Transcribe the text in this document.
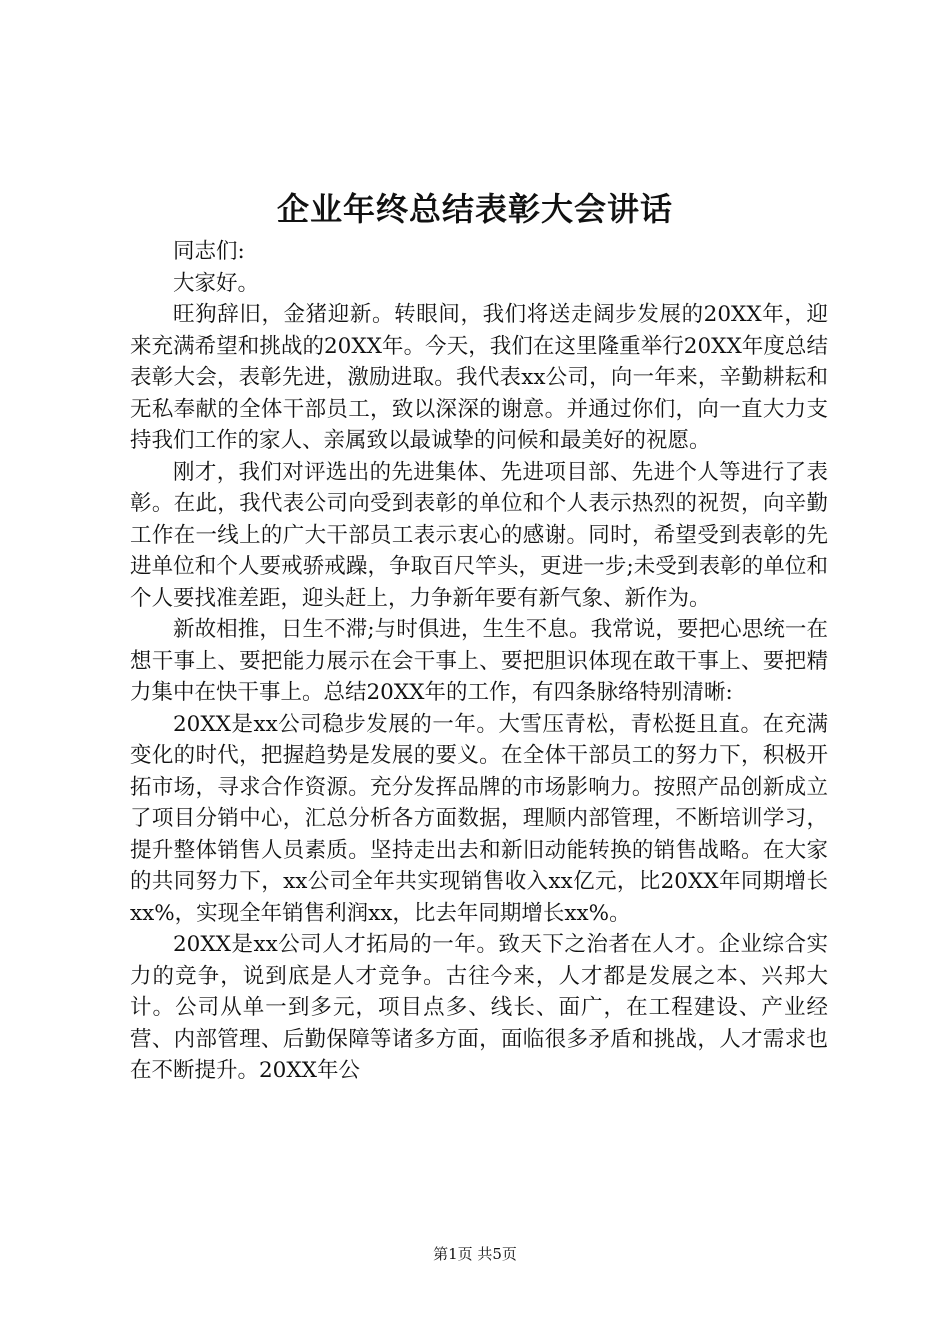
企业年终总结表彰大会讲话

同志们:

大家好。

旺狗辞旧，金猪迎新。转眼间，我们将送走阔步发展的20XX年，迎来充满希望和挑战的20XX年。今天，我们在这里隆重举行20XX年度总结表彰大会，表彰先进，激励进取。我代表xx公司，向一年来，辛勤耕耘和无私奉献的全体干部员工，致以深深的谢意。并通过你们，向一直大力支持我们工作的家人、亲属致以最诚挚的问候和最美好的祝愿。

刚才，我们对评选出的先进集体、先进项目部、先进个人等进行了表彰。在此，我代表公司向受到表彰的单位和个人表示热烈的祝贺，向辛勤工作在一线上的广大干部员工表示衷心的感谢。同时，希望受到表彰的先进单位和个人要戒骄戒躁，争取百尺竿头，更进一步;未受到表彰的单位和个人要找准差距，迎头赶上，力争新年要有新气象、新作为。

新故相推，日生不滞;与时俱进，生生不息。我常说，要把心思统一在想干事上、要把能力展示在会干事上、要把胆识体现在敢干事上、要把精力集中在快干事上。总结20XX年的工作，有四条脉络特别清晰:

20XX是xx公司稳步发展的一年。大雪压青松，青松挺且直。在充满变化的时代，把握趋势是发展的要义。在全体干部员工的努力下，积极开拓市场，寻求合作资源。充分发挥品牌的市场影响力。按照产品创新成立了项目分销中心，汇总分析各方面数据，理顺内部管理，不断培训学习，提升整体销售人员素质。坚持走出去和新旧动能转换的销售战略。在大家的共同努力下，xx公司全年共实现销售收入xx亿元，比20XX年同期增长xx%，实现全年销售利润xx，比去年同期增长xx%。

20XX是xx公司人才拓局的一年。致天下之治者在人才。企业综合实力的竞争，说到底是人才竞争。古往今来，人才都是发展之本、兴邦大计。公司从单一到多元，项目点多、线长、面广，在工程建设、产业经营、内部管理、后勤保障等诸多方面，面临很多矛盾和挑战，人才需求也在不断提升。20XX年公

第1页 共5页
